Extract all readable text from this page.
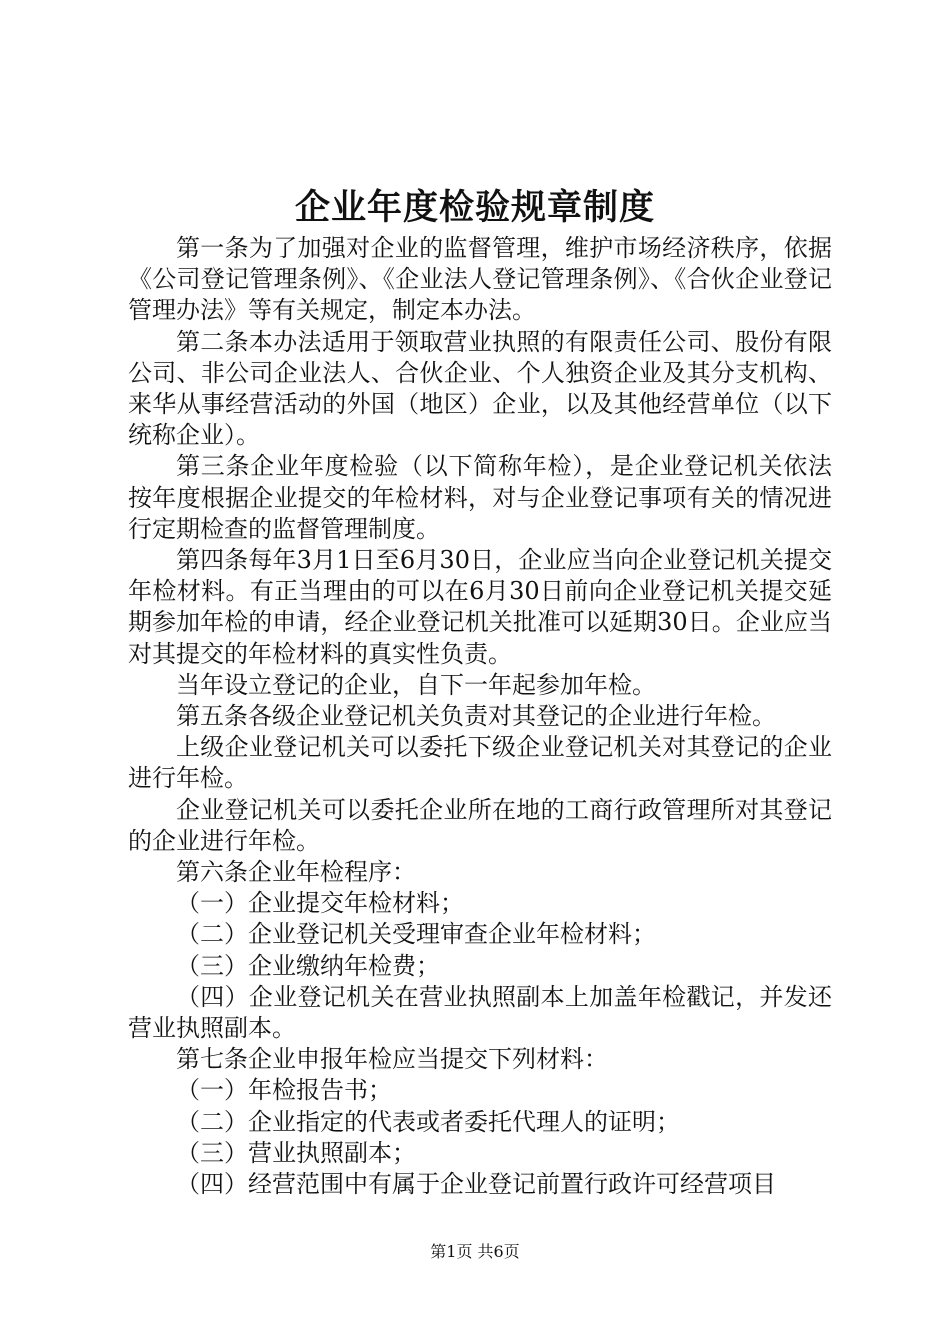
企业年度检验规章制度

第一条为了加强对企业的监督管理，维护市场经济秩序，依据《公司登记管理条例》、《企业法人登记管理条例》、《合伙企业登记管理办法》等有关规定，制定本办法。

第二条本办法适用于领取营业执照的有限责任公司、股份有限公司、非公司企业法人、合伙企业、个人独资企业及其分支机构、来华从事经营活动的外国（地区）企业，以及其他经营单位（以下统称企业）。

第三条企业年度检验（以下简称年检），是企业登记机关依法按年度根据企业提交的年检材料，对与企业登记事项有关的情况进行定期检查的监督管理制度。

第四条每年3月1日至6月30日，企业应当向企业登记机关提交年检材料。有正当理由的可以在6月30日前向企业登记机关提交延期参加年检的申请，经企业登记机关批准可以延期30日。企业应当对其提交的年检材料的真实性负责。

当年设立登记的企业，自下一年起参加年检。

第五条各级企业登记机关负责对其登记的企业进行年检。

上级企业登记机关可以委托下级企业登记机关对其登记的企业进行年检。

企业登记机关可以委托企业所在地的工商行政管理所对其登记的企业进行年检。

第六条企业年检程序：

（一）企业提交年检材料；

（二）企业登记机关受理审查企业年检材料；

（三）企业缴纳年检费；

（四）企业登记机关在营业执照副本上加盖年检戳记，并发还营业执照副本。

第七条企业申报年检应当提交下列材料：

（一）年检报告书；

（二）企业指定的代表或者委托代理人的证明；

（三）营业执照副本；

（四）经营范围中有属于企业登记前置行政许可经营项目

第1页 共6页
